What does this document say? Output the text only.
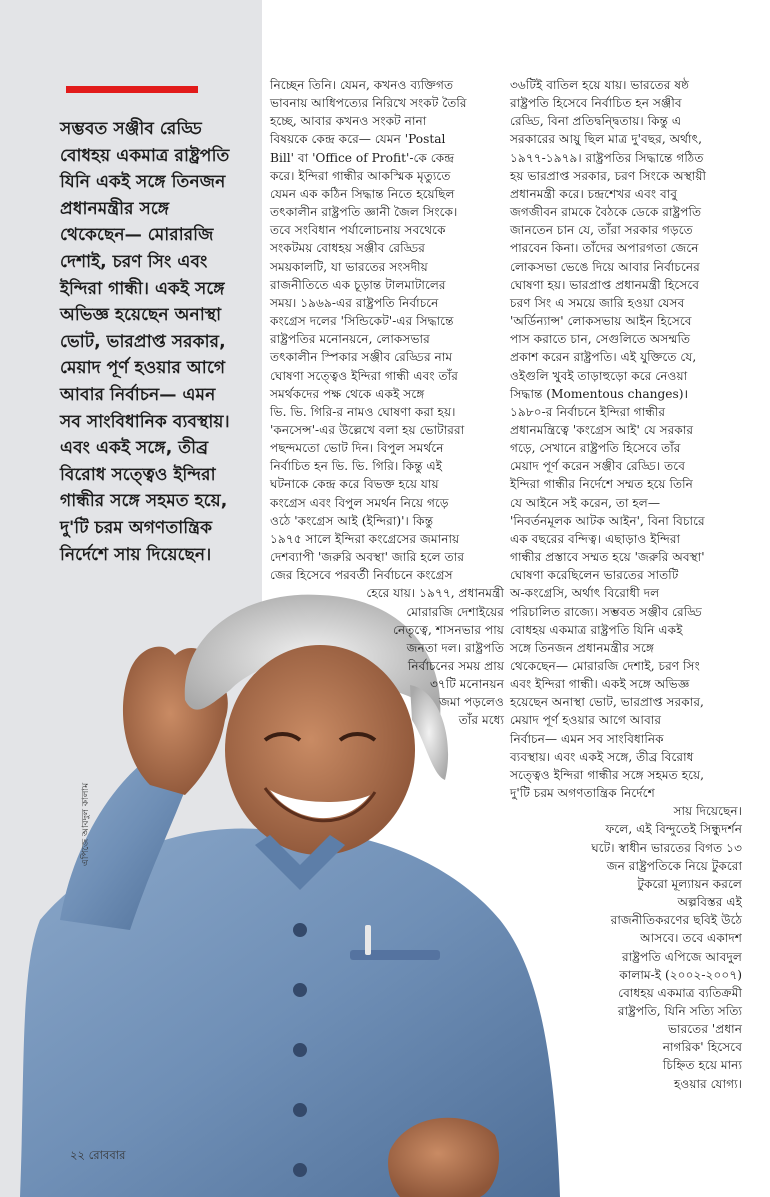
সম্ভবত সঞ্জীব রেড্ডি
বোধহয় একমাত্র রাষ্ট্রপতি
যিনি একই সঙ্গে তিনজন
প্রধানমন্ত্রীর সঙ্গে
থেকেছেন— মোরারজি
দেশাই, চরণ সিং এবং
ইন্দিরা গান্ধী। একই সঙ্গে
অভিজ্ঞ হয়েছেন অনাস্থা
ভোট, ভারপ্রাপ্ত সরকার,
মেয়াদ পূর্ণ হওয়ার আগে
আবার নির্বাচন— এমন
সব সাংবিধানিক ব্যবস্থায়।
এবং একই সঙ্গে, তীব্র
বিরোধ সত্ত্বেও ইন্দিরা
গান্ধীর সঙ্গে সহমত হয়ে,
দু'টি চরম অগণতান্ত্রিক
নির্দেশে সায় দিয়েছেন।
নিচ্ছেন তিনি। যেমন, কখনও ব্যক্তিগত
ভাবনায় আধিপত্যের নিরিখে সংকট তৈরি
হচ্ছে, আবার কখনও সংকট নানা
বিষয়কে কেন্দ্র করে— যেমন 'Postal
Bill' বা 'Office of Profit'-কে কেন্দ্র
করে। ইন্দিরা গান্ধীর আকস্মিক মৃত্যুতে
যেমন এক কঠিন সিদ্ধান্ত নিতে হয়েছিল
তৎকালীন রাষ্ট্রপতি জ্ঞানী জৈল সিংকে।
তবে সংবিধান পর্যালোচনায় সবথেকে
সংকটময় বোধহয় সঞ্জীব রেড্ডির
সময়কালটি, যা ভারতের সংসদীয়
রাজনীতিতে এক চূড়ান্ত টালমাটালের
সময়। ১৯৬৯-এর রাষ্ট্রপতি নির্বাচনে
কংগ্রেস দলের 'সিন্ডিকেট'-এর সিদ্ধান্তে
রাষ্ট্রপতির মনোনয়নে, লোকসভার
তৎকালীন স্পিকার সঞ্জীব রেড্ডির নাম
ঘোষণা সত্ত্বেও ইন্দিরা গান্ধী এবং তাঁর
সমর্থকদের পক্ষ থেকে একই সঙ্গে
ভি. ভি. গিরি-র নামও ঘোষণা করা হয়।
'কনসেন্স'-এর উল্লেখে বলা হয় ভোটাররা
পছন্দমতো ভোট দিন। বিপুল সমর্থনে
নির্বাচিত হন ভি. ভি. গিরি। কিন্তু এই
ঘটনাকে কেন্দ্র করে বিভক্ত হয়ে যায়
কংগ্রেস এবং বিপুল সমর্থন নিয়ে গড়ে
ওঠে 'কংগ্রেস আই (ইন্দিরা)'। কিন্তু
১৯৭৫ সালে ইন্দিরা কংগ্রেসের জমানায়
দেশব্যাপী 'জরুরি অবস্থা' জারি হলে তার
জের হিসেবে পরবর্তী নির্বাচনে কংগ্রেস
হেরে যায়। ১৯৭৭, প্রধানমন্ত্রী
মোরারজি দেশাইয়ের
নেতৃত্বে, শাসনভার পায়
জনতা দল। রাষ্ট্রপতি
নির্বাচনের সময় প্রায়
৩৭টি মনোনয়ন
জমা পড়লেও
তাঁর মধ্যে
৩৬টিই বাতিল হয়ে যায়। ভারতের ষষ্ঠ
রাষ্ট্রপতি হিসেবে নির্বাচিত হন সঞ্জীব
রেড্ডি, বিনা প্রতিদ্বন্দ্বিতায়। কিন্তু এ
সরকারের আয়ু ছিল মাত্র দু'বছর, অর্থাৎ,
১৯৭৭-১৯৭৯। রাষ্ট্রপতির সিদ্ধান্তে গঠিত
হয় ভারপ্রাপ্ত সরকার, চরণ সিংকে অস্থায়ী
প্রধানমন্ত্রী করে। চন্দ্রশেখর এবং বাবু
জগজীবন রামকে বৈঠকে ডেকে রাষ্ট্রপতি
জানতেন চান যে, তাঁরা সরকার গড়তে
পারবেন কিনা। তাঁদের অপারগতা জেনে
লোকসভা ভেঙে দিয়ে আবার নির্বাচনের
ঘোষণা হয়। ভারপ্রাপ্ত প্রধানমন্ত্রী হিসেবে
চরণ সিং এ সময়ে জারি হওয়া যেসব
'অর্ডিন্যান্স' লোকসভায় আইন হিসেবে
পাস করাতে চান, সেগুলিতে অসম্মতি
প্রকাশ করেন রাষ্ট্রপতি। এই যুক্তিতে যে,
ওইগুলি খুবই তাড়াহুড়ো করে নেওয়া
সিদ্ধান্ত (Momentous changes)।
১৯৮০-র নির্বাচনে ইন্দিরা গান্ধীর
প্রধানমন্ত্রিত্বে 'কংগ্রেস আই' যে সরকার
গড়ে, সেখানে রাষ্ট্রপতি হিসেবে তাঁর
মেয়াদ পূর্ণ করেন সঞ্জীব রেড্ডি। তবে
ইন্দিরা গান্ধীর নির্দেশে সম্মত হয়ে তিনি
যে আইনে সই করেন, তা হল—
'নিবর্তনমূলক আটক আইন', বিনা বিচারে
এক বছরের বন্দিত্ব। এছাড়াও ইন্দিরা
গান্ধীর প্রস্তাবে সম্মত হয়ে 'জরুরি অবস্থা'
ঘোষণা করেছিলেন ভারতের সাতটি
অ-কংগ্রেসি, অর্থাৎ বিরোধী দল
পরিচালিত রাজ্যে। সম্ভবত সঞ্জীব রেড্ডি
বোধহয় একমাত্র রাষ্ট্রপতি যিনি একই
সঙ্গে তিনজন প্রধানমন্ত্রীর সঙ্গে
থেকেছেন— মোরারজি দেশাই, চরণ সিং
এবং ইন্দিরা গান্ধী। একই সঙ্গে অভিজ্ঞ
হয়েছেন অনাস্থা ভোট, ভারপ্রাপ্ত সরকার,
মেয়াদ পূর্ণ হওয়ার আগে আবার
নির্বাচন— এমন সব সাংবিধানিক
ব্যবস্থায়। এবং একই সঙ্গে, তীব্র বিরোধ
সত্ত্বেও ইন্দিরা গান্ধীর সঙ্গে সহমত হয়ে,
দু'টি চরম অগণতান্ত্রিক নির্দেশে
সায় দিয়েছেন।
ফলে, এই বিন্দুতেই সিন্ধুদর্শন
ঘটে। স্বাধীন ভারতের বিগত ১৩
জন রাষ্ট্রপতিকে নিয়ে টুকরো
টুকরো মূল্যায়ন করলে
অল্পবিস্তর এই
রাজনীতিকরণের ছবিই উঠে
আসবে। তবে একাদশ
রাষ্ট্রপতি এপিজে আবদুল
কালাম-ই (২০০২-২০০৭)
বোধহয় একমাত্র ব্যতিক্রমী
রাষ্ট্রপতি, যিনি সত্যি সত্যি
ভারতের 'প্রধান
নাগরিক' হিসেবে
চিহ্নিত হয়ে মান্য
হওয়ার যোগ্য।
এপিজে আবদুল কালাম
২২ রোববার
